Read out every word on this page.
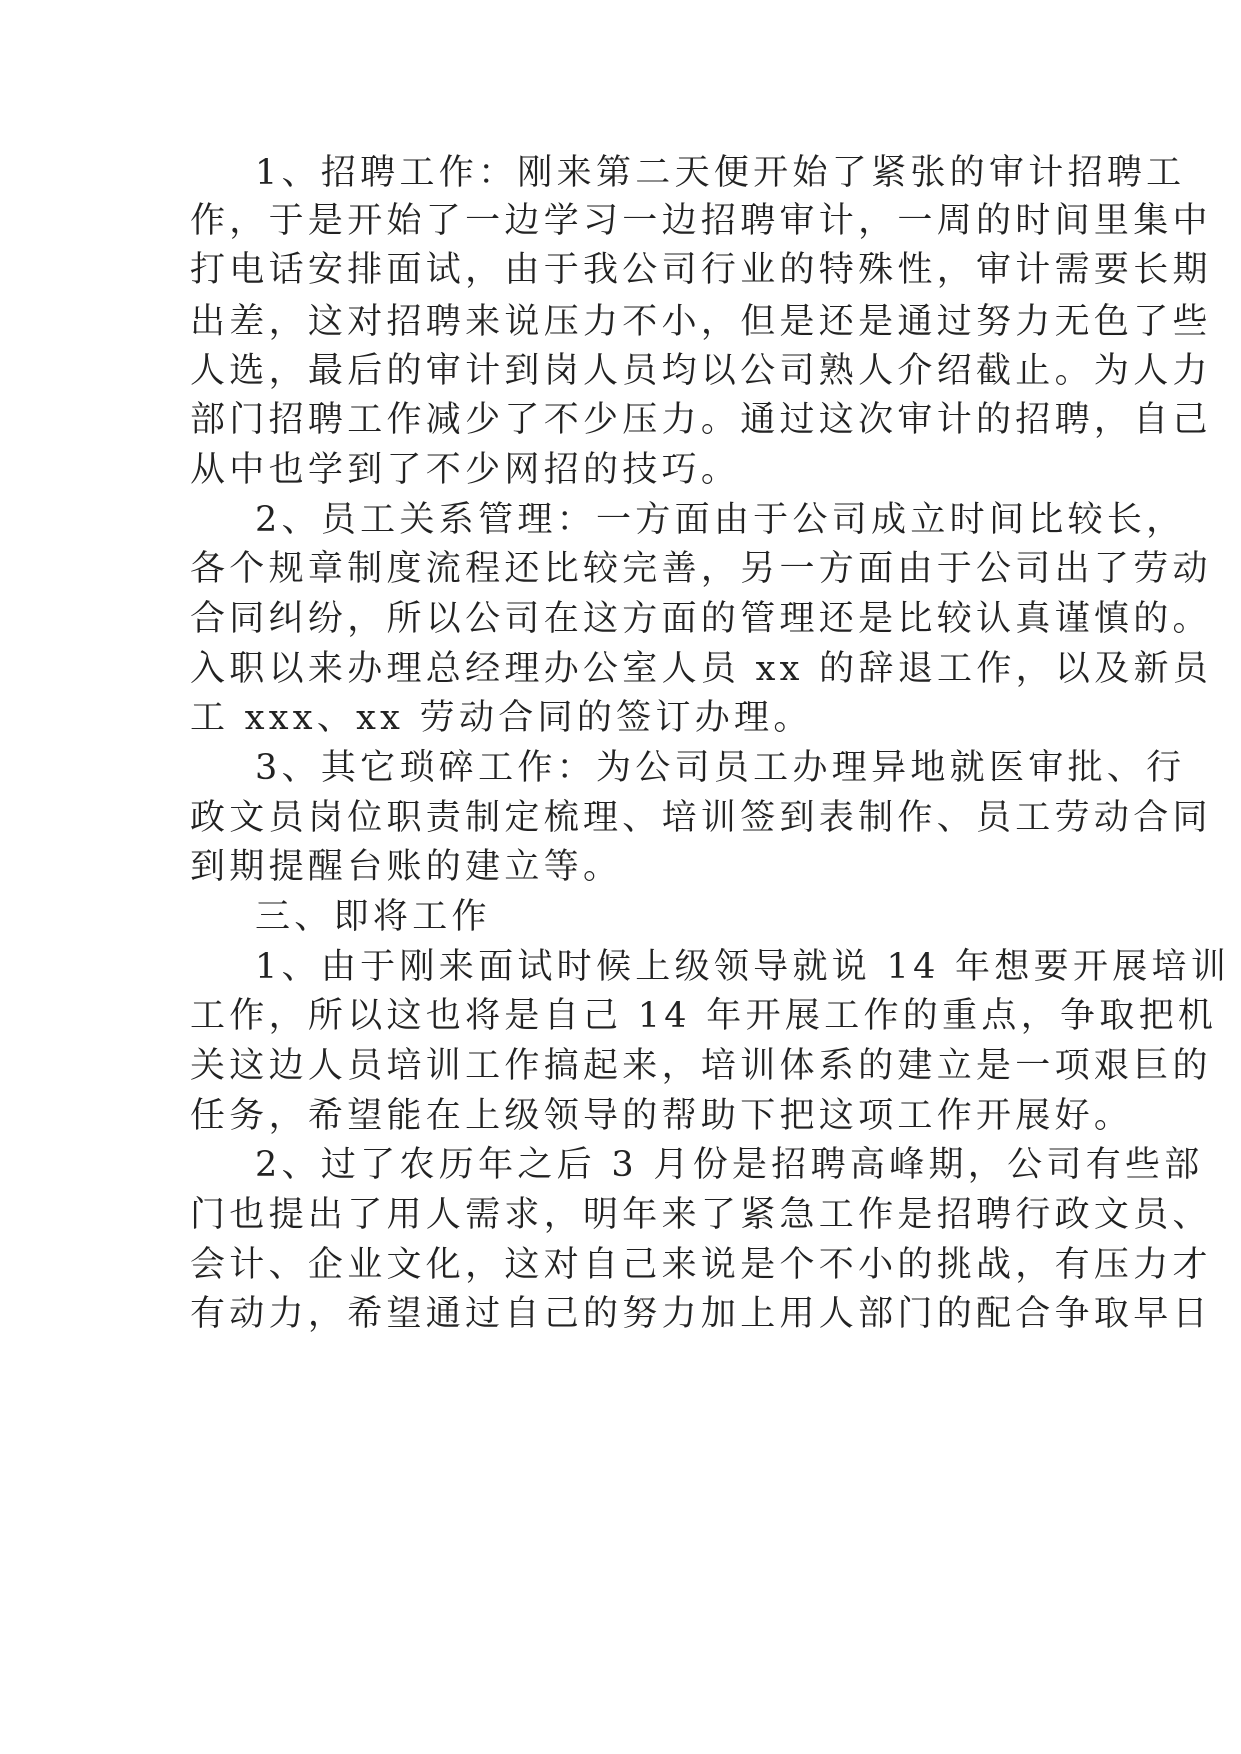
1、招聘工作：刚来第二天便开始了紧张的审计招聘工

作，于是开始了一边学习一边招聘审计，一周的时间里集中

打电话安排面试，由于我公司行业的特殊性，审计需要长期

出差，这对招聘来说压力不小，但是还是通过努力无色了些

人选，最后的审计到岗人员均以公司熟人介绍截止。为人力

部门招聘工作减少了不少压力。通过这次审计的招聘，自己

从中也学到了不少网招的技巧。

2、员工关系管理：一方面由于公司成立时间比较长，

各个规章制度流程还比较完善，另一方面由于公司出了劳动

合同纠纷，所以公司在这方面的管理还是比较认真谨慎的。

入职以来办理总经理办公室人员 xx 的辞退工作，以及新员

工 xxx、xx 劳动合同的签订办理。

3、其它琐碎工作：为公司员工办理异地就医审批、行

政文员岗位职责制定梳理、培训签到表制作、员工劳动合同

到期提醒台账的建立等。

三、即将工作

1、由于刚来面试时候上级领导就说 14 年想要开展培训

工作，所以这也将是自己 14 年开展工作的重点，争取把机

关这边人员培训工作搞起来，培训体系的建立是一项艰巨的

任务，希望能在上级领导的帮助下把这项工作开展好。

2、过了农历年之后 3 月份是招聘高峰期，公司有些部

门也提出了用人需求，明年来了紧急工作是招聘行政文员、

会计、企业文化，这对自己来说是个不小的挑战，有压力才

有动力，希望通过自己的努力加上用人部门的配合争取早日
